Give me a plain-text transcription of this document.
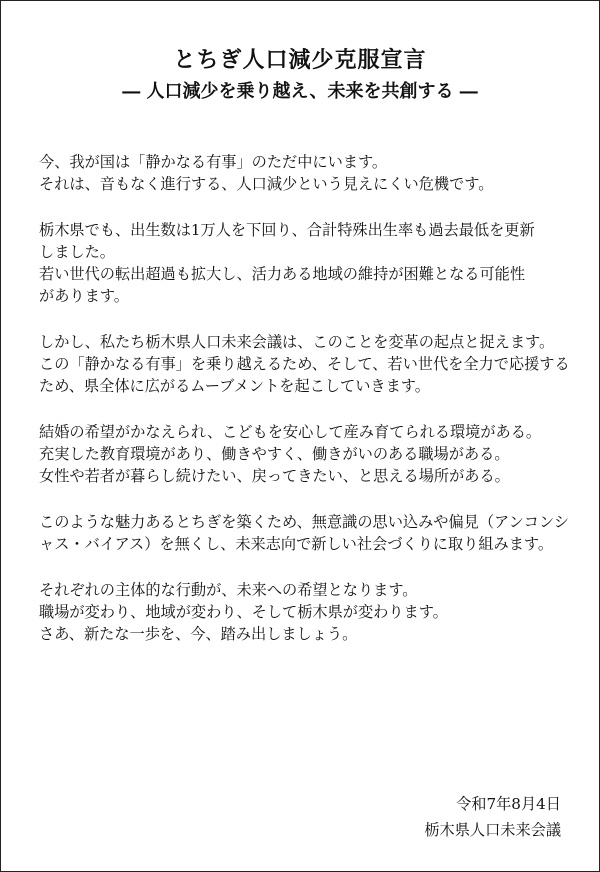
とちぎ人口減少克服宣言
― 人口減少を乗り越え、未来を共創する ―
今、我が国は「静かなる有事」のただ中にいます。
それは、音もなく進行する、人口減少という見えにくい危機です。
栃木県でも、出生数は1万人を下回り、合計特殊出生率も過去最低を更新
しました。
若い世代の転出超過も拡大し、活力ある地域の維持が困難となる可能性
があります。
しかし、私たち栃木県人口未来会議は、このことを変革の起点と捉えます。
この「静かなる有事」を乗り越えるため、そして、若い世代を全力で応援する
ため、県全体に広がるムーブメントを起こしていきます。
結婚の希望がかなえられ、こどもを安心して産み育てられる環境がある。
充実した教育環境があり、働きやすく、働きがいのある職場がある。
女性や若者が暮らし続けたい、戻ってきたい、と思える場所がある。
このような魅力あるとちぎを築くため、無意識の思い込みや偏見（アンコンシ
ャス・バイアス）を無くし、未来志向で新しい社会づくりに取り組みます。
それぞれの主体的な行動が、未来への希望となります。
職場が変わり、地域が変わり、そして栃木県が変わります。
さあ、新たな一歩を、今、踏み出しましょう。
令和7年8月4日
栃木県人口未来会議
